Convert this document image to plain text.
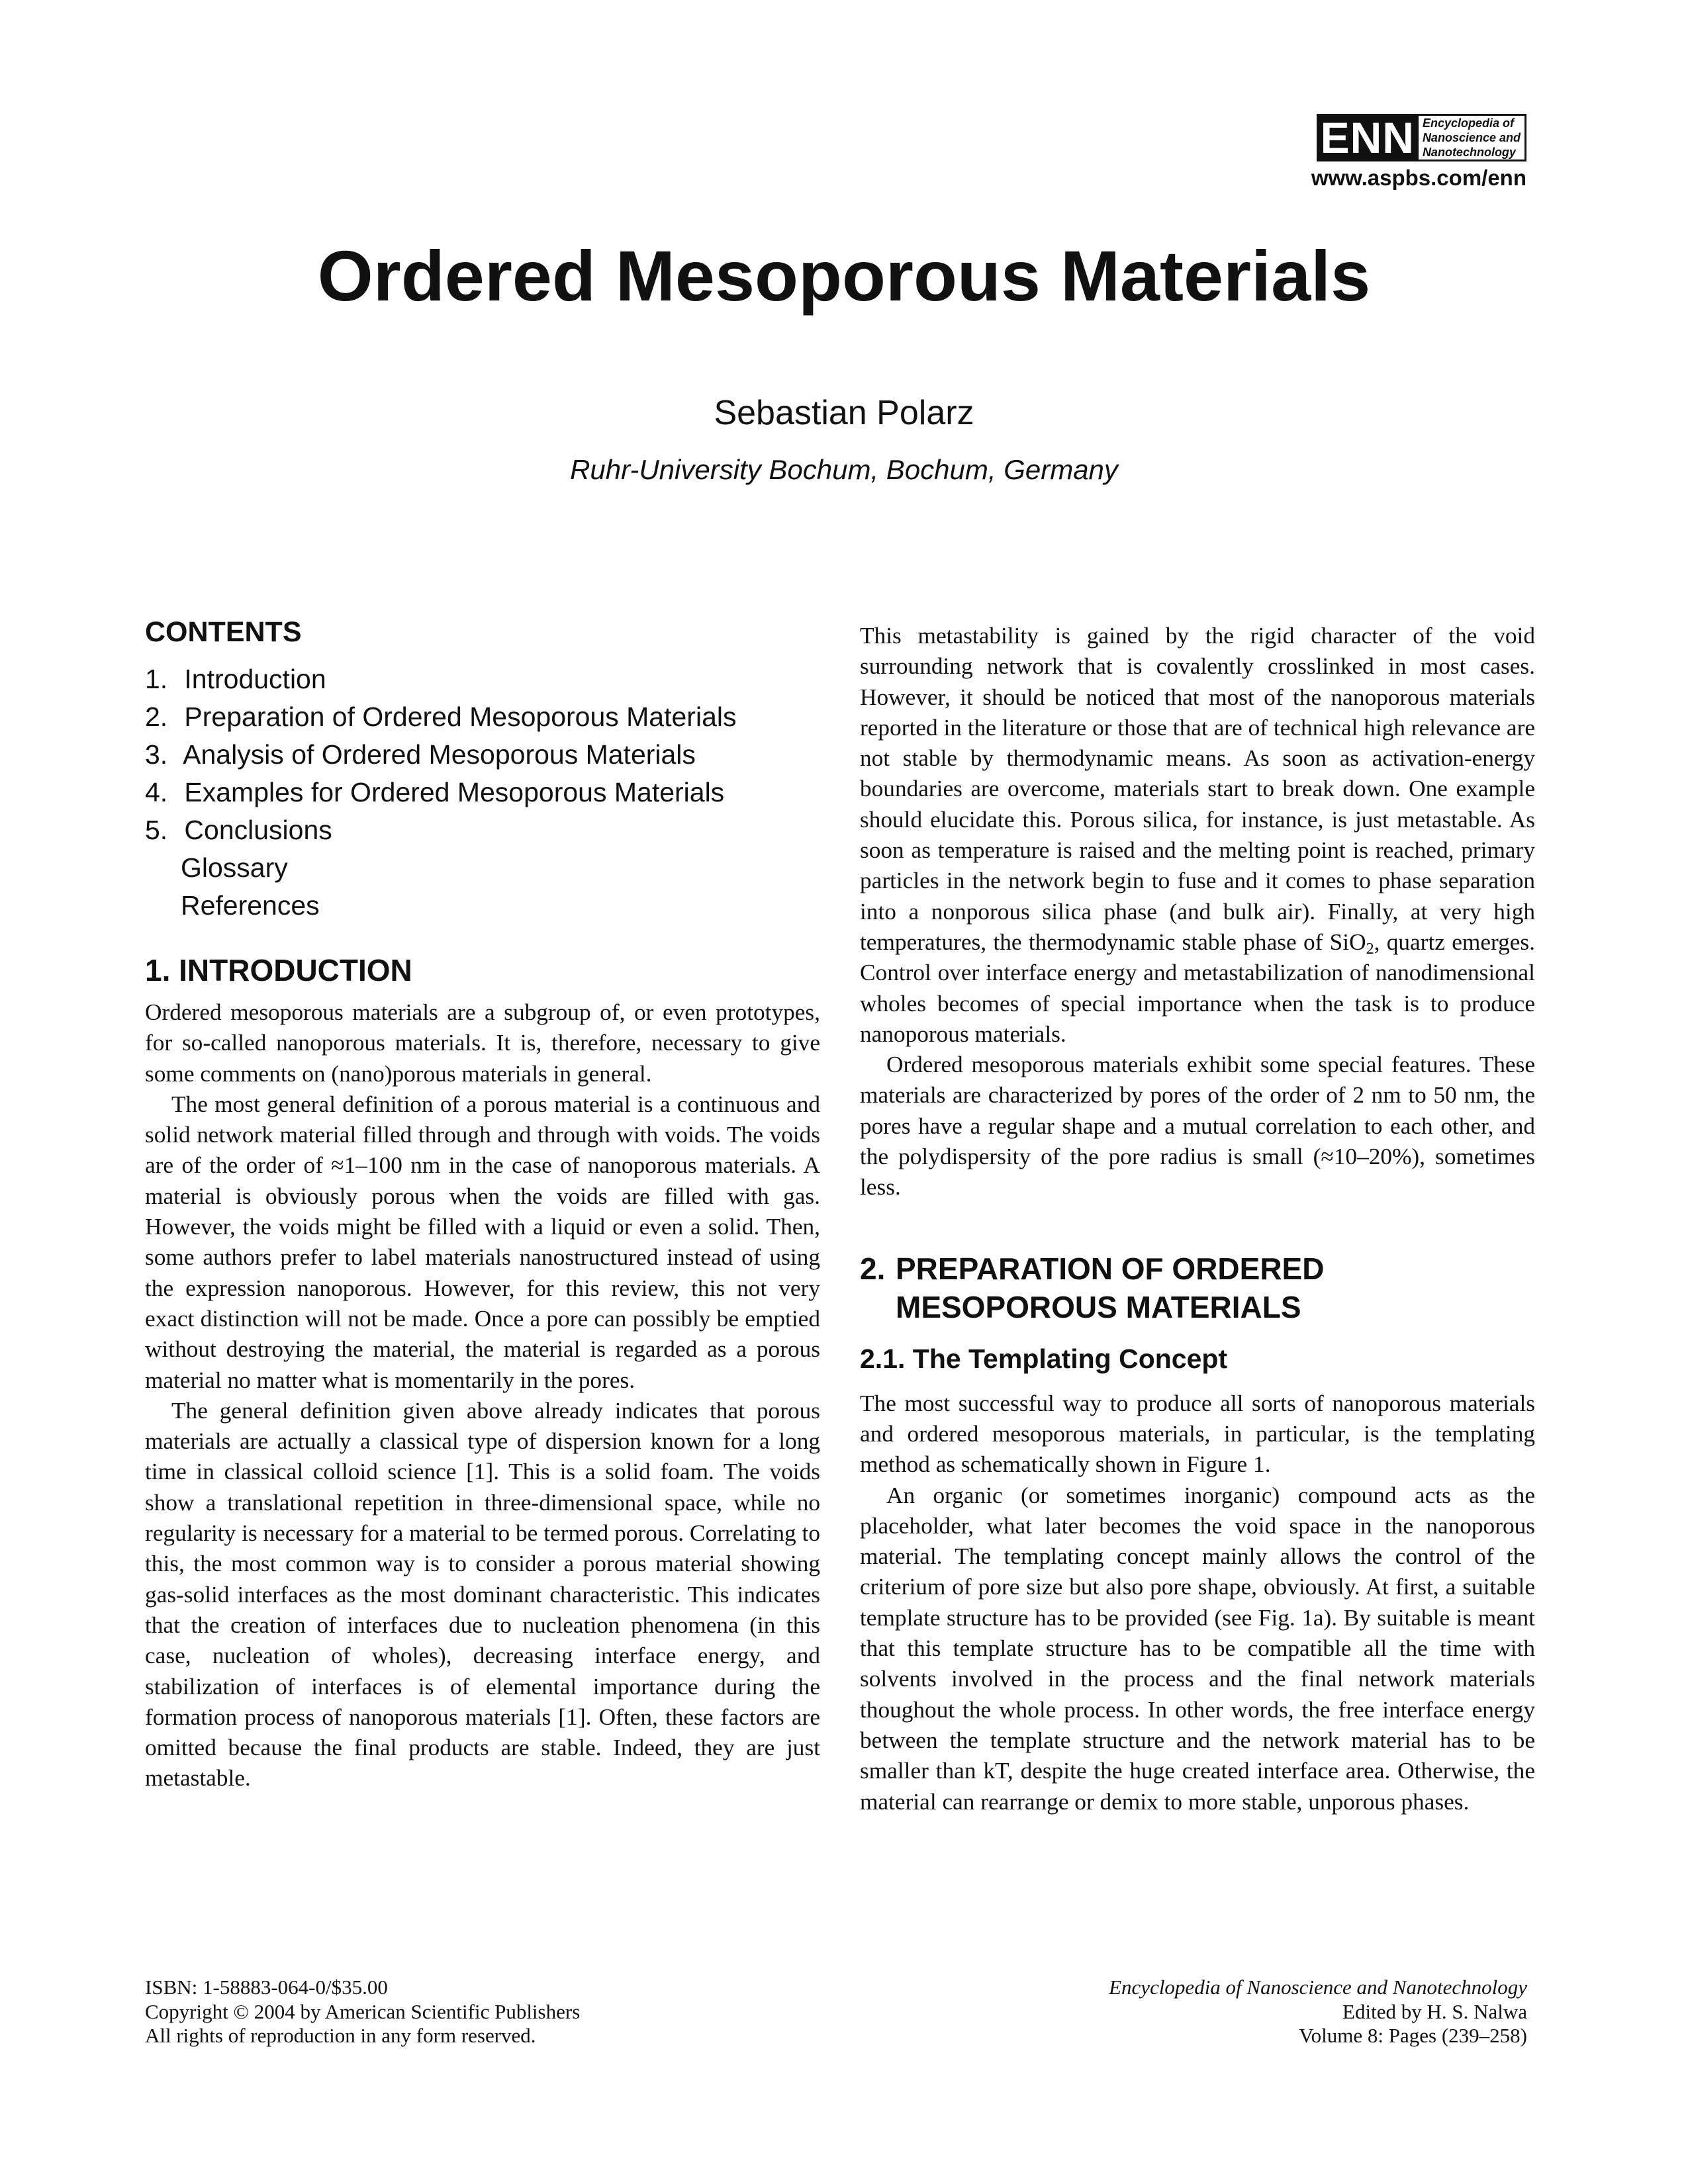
ENN Encyclopedia of
Nanoscience and
Nanotechnology
www.aspbs.com/enn
Ordered Mesoporous Materials
Sebastian Polarz
Ruhr-University Bochum, Bochum, Germany
CONTENTS
1. Introduction
2. Preparation of Ordered Mesoporous Materials
3. Analysis of Ordered Mesoporous Materials
4. Examples for Ordered Mesoporous Materials
5. Conclusions
Glossary
References
1. INTRODUCTION

Ordered mesoporous materials are a subgroup of, or even prototypes, for so-called nanoporous materials. It is, therefore, necessary to give some comments on (nano)porous materials in general.

The most general definition of a porous material is a continuous and solid network material filled through and through with voids. The voids are of the order of ≈1–100 nm in the case of nanoporous materials. A material is obviously porous when the voids are filled with gas. However, the voids might be filled with a liquid or even a solid. Then, some authors prefer to label materials nanostructured instead of using the expression nanoporous. However, for this review, this not very exact distinction will not be made. Once a pore can possibly be emptied without destroying the material, the material is regarded as a porous material no matter what is momentarily in the pores.

The general definition given above already indicates that porous materials are actually a classical type of dispersion known for a long time in classical colloid science [1]. This is a solid foam. The voids show a translational repetition in three-dimensional space, while no regularity is necessary for a material to be termed porous. Correlating to this, the most common way is to consider a porous material showing gas-solid interfaces as the most dominant characteristic. This indicates that the creation of interfaces due to nucleation phenomena (in this case, nucleation of wholes), decreasing interface energy, and stabilization of interfaces is of elemental importance during the formation process of nanoporous materials [1]. Often, these factors are omitted because the final products are stable. Indeed, they are just metastable.

This metastability is gained by the rigid character of the void surrounding network that is covalently crosslinked in most cases. However, it should be noticed that most of the nanoporous materials reported in the literature or those that are of technical high relevance are not stable by thermodynamic means. As soon as activation-energy boundaries are overcome, materials start to break down. One example should elucidate this. Porous silica, for instance, is just metastable. As soon as temperature is raised and the melting point is reached, primary particles in the network begin to fuse and it comes to phase separation into a nonporous silica phase (and bulk air). Finally, at very high temperatures, the thermodynamic stable phase of SiO$_2$, quartz emerges. Control over interface energy and metastabilization of nanodimensional wholes becomes of special importance when the task is to produce nanoporous materials.

Ordered mesoporous materials exhibit some special features. These materials are characterized by pores of the order of 2 nm to 50 nm, the pores have a regular shape and a mutual correlation to each other, and the polydispersity of the pore radius is small (≈10–20%), sometimes less.

2. PREPARATION OF ORDERED
MESOPOROUS MATERIALS
2.1. The Templating Concept

The most successful way to produce all sorts of nanoporous materials and ordered mesoporous materials, in particular, is the templating method as schematically shown in Figure 1.

An organic (or sometimes inorganic) compound acts as the placeholder, what later becomes the void space in the nanoporous material. The templating concept mainly allows the control of the criterium of pore size but also pore shape, obviously. At first, a suitable template structure has to be provided (see Fig. 1a). By suitable is meant that this template structure has to be compatible all the time with solvents involved in the process and the final network materials thoughout the whole process. In other words, the free interface energy between the template structure and the network material has to be smaller than kT, despite the huge created interface area. Otherwise, the material can rearrange or demix to more stable, unporous phases.

ISBN: 1-58883-064-0/$35.00
Copyright © 2004 by American Scientific Publishers
All rights of reproduction in any form reserved.
Encyclopedia of Nanoscience and Nanotechnology
Edited by H. S. Nalwa
Volume 8: Pages (239–258)
